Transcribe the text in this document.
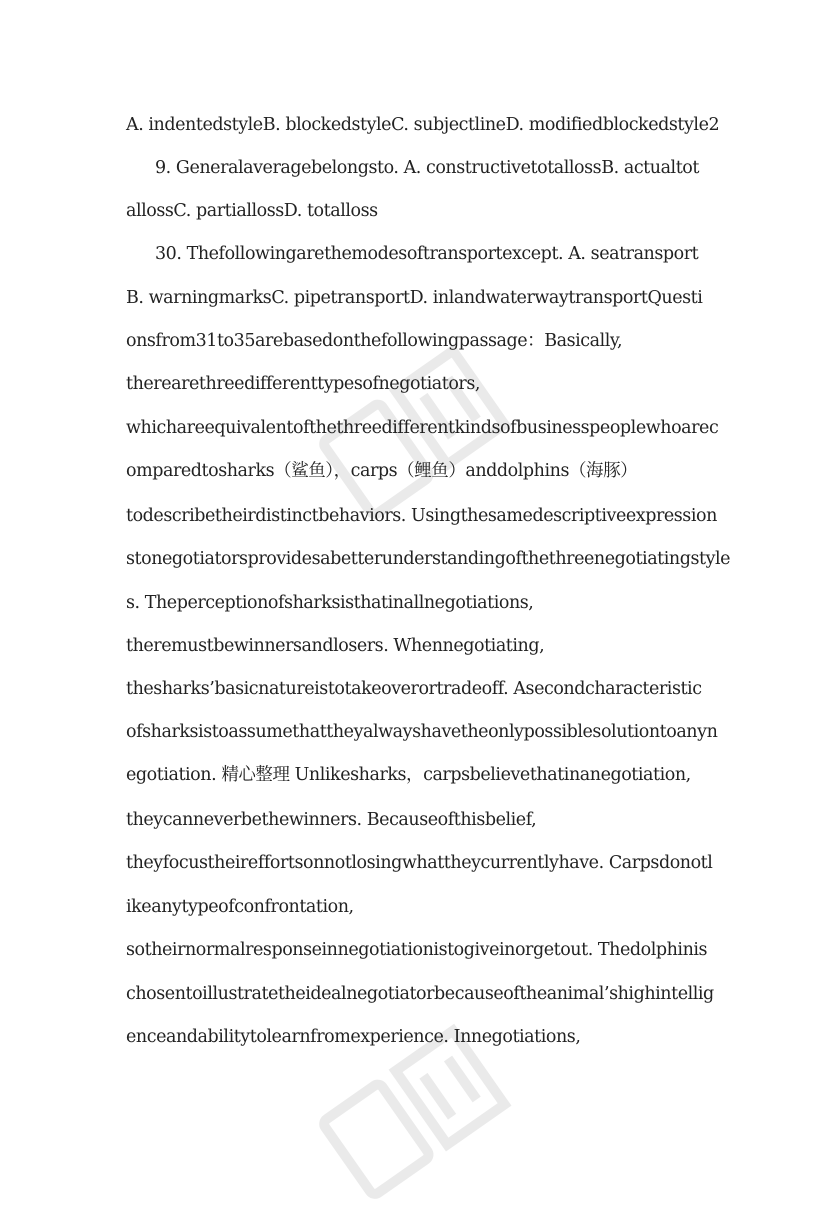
A. indentedstyleB. blockedstyleC. subjectlineD. modifiedblockedstyle2
9. Generalaveragebelongsto. A. constructivetotallossB. actualtot
allossC. partiallossD. totalloss
30. Thefollowingarethemodesoftransportexcept. A. seatransport
B. warningmarksC. pipetransportD. inlandwaterwaytransportQuesti
onsfrom31to35arebasedonthefollowingpassage：Basically,
therearethreedifferenttypesofnegotiators,
whichareequivalentofthethreedifferentkindsofbusinesspeoplewhoarec
omparedtosharks（鲨鱼），carps（鲤鱼）anddolphins（海豚）
todescribetheirdistinctbehaviors. Usingthesamedescriptiveexpression
stonegotiatorsprovidesabetterunderstandingofthethreenegotiatingstyle
s. Theperceptionofsharksisthatinallnegotiations,
theremustbewinnersandlosers. Whennegotiating,
thesharks’basicnatureistotakeoverortradeoff. Asecondcharacteristic
ofsharksistoassumethattheyalwayshavetheonlypossiblesolutiontoanyn
egotiation. 精心整理 Unlikesharks，carpsbelievethatinanegotiation,
theycanneverbethewinners. Becauseofthisbelief,
theyfocustheireffortsonnotlosingwhattheycurrentlyhave. Carpsdonotl
ikeanytypeofconfrontation,
sotheirnormalresponseinnegotiationistogiveinorgetout. Thedolphinis
chosentoillustratetheidealnegotiatorbecauseoftheanimal’shighintellig
enceandabilitytolearnfromexperience. Innegotiations,
